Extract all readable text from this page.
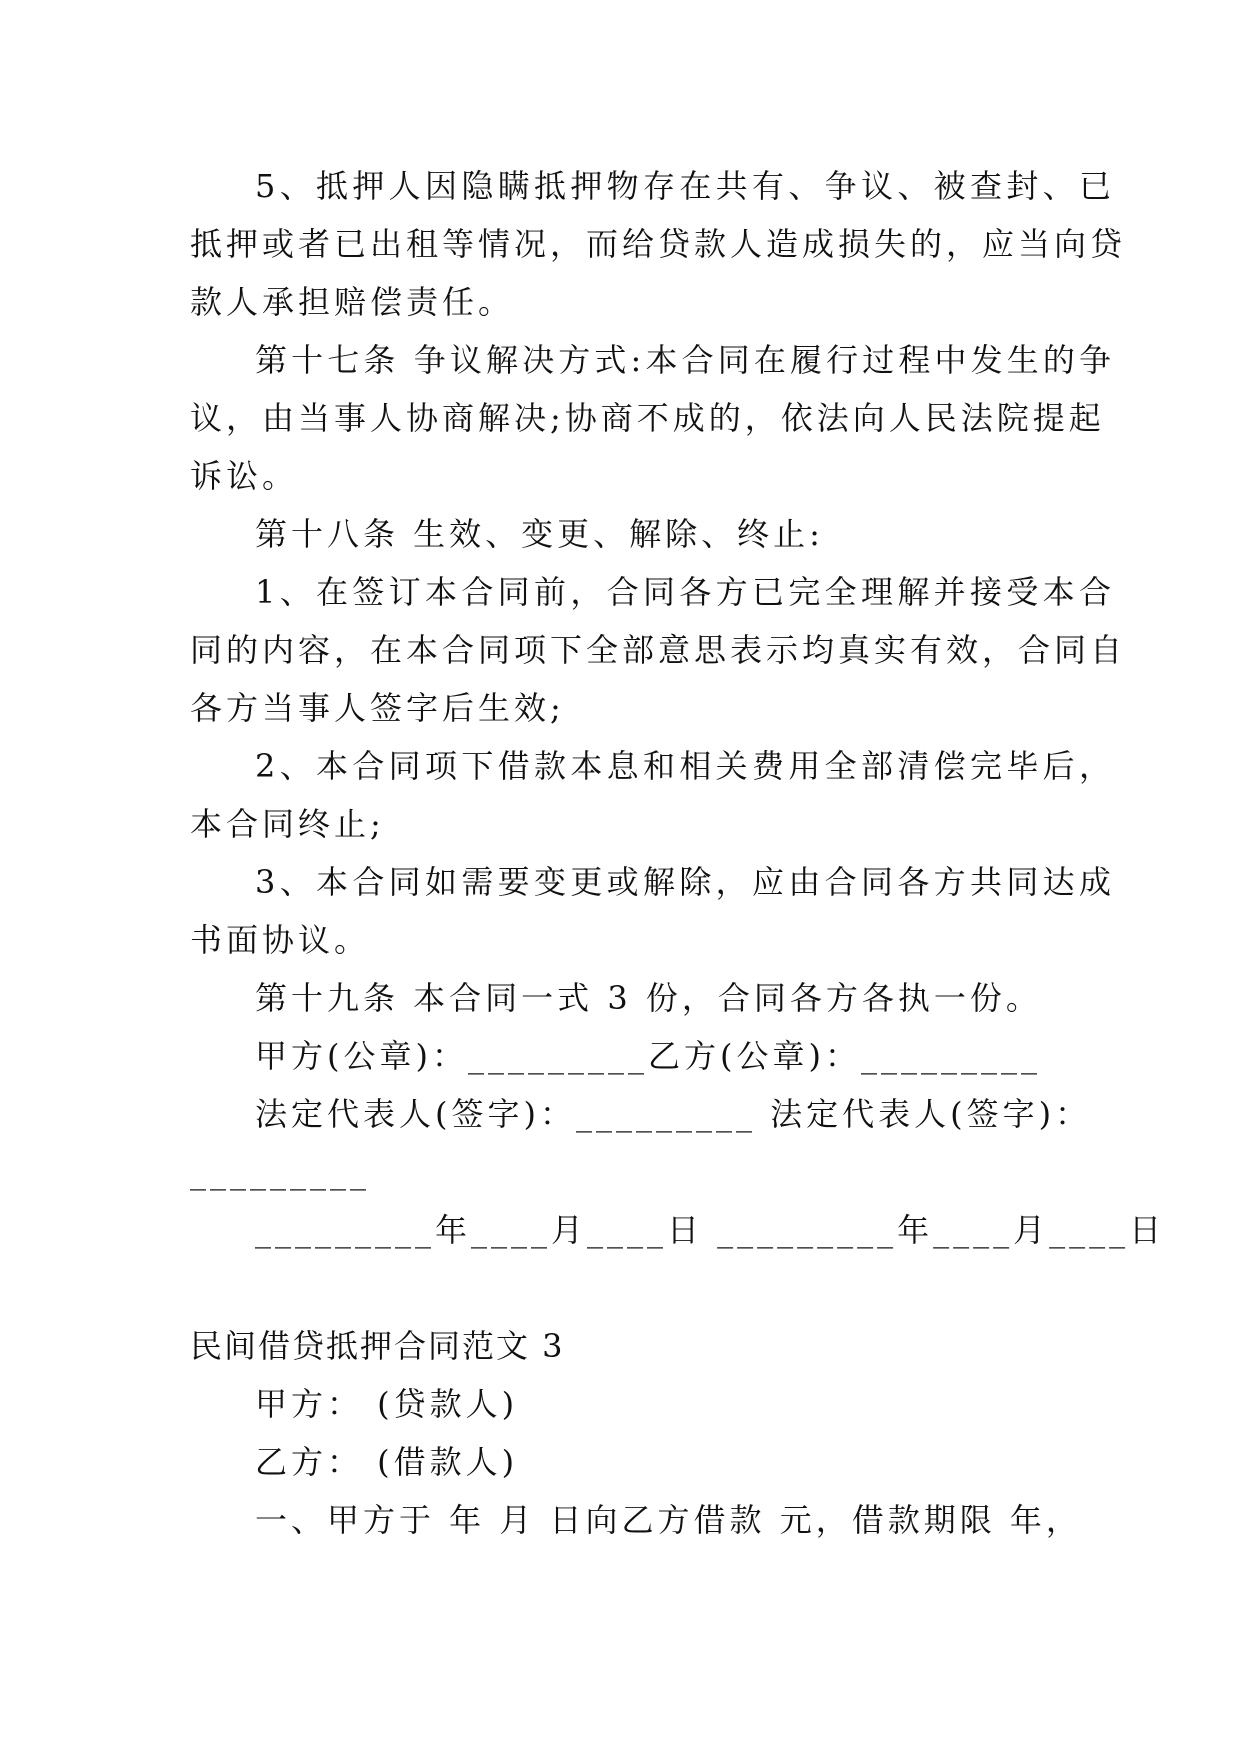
5、抵押人因隐瞒抵押物存在共有、争议、被查封、已
抵押或者已出租等情况，而给贷款人造成损失的，应当向贷
款人承担赔偿责任。
第十七条 争议解决方式:本合同在履行过程中发生的争
议，由当事人协商解决;协商不成的，依法向人民法院提起
诉讼。
第十八条 生效、变更、解除、终止:
1、在签订本合同前，合同各方已完全理解并接受本合
同的内容，在本合同项下全部意思表示均真实有效，合同自
各方当事人签字后生效;
2、本合同项下借款本息和相关费用全部清偿完毕后，
本合同终止;
3、本合同如需要变更或解除，应由合同各方共同达成
书面协议。
第十九条 本合同一式 3 份，合同各方各执一份。
甲方(公章)：_________乙方(公章)：_________
法定代表人(签字)：_________ 法定代表人(签字)：
_________
_________年____月____日 _________年____月____日
民间借贷抵押合同范文 3
甲方： (贷款人)
乙方： (借款人)
一、甲方于 年 月 日向乙方借款 元，借款期限 年，
